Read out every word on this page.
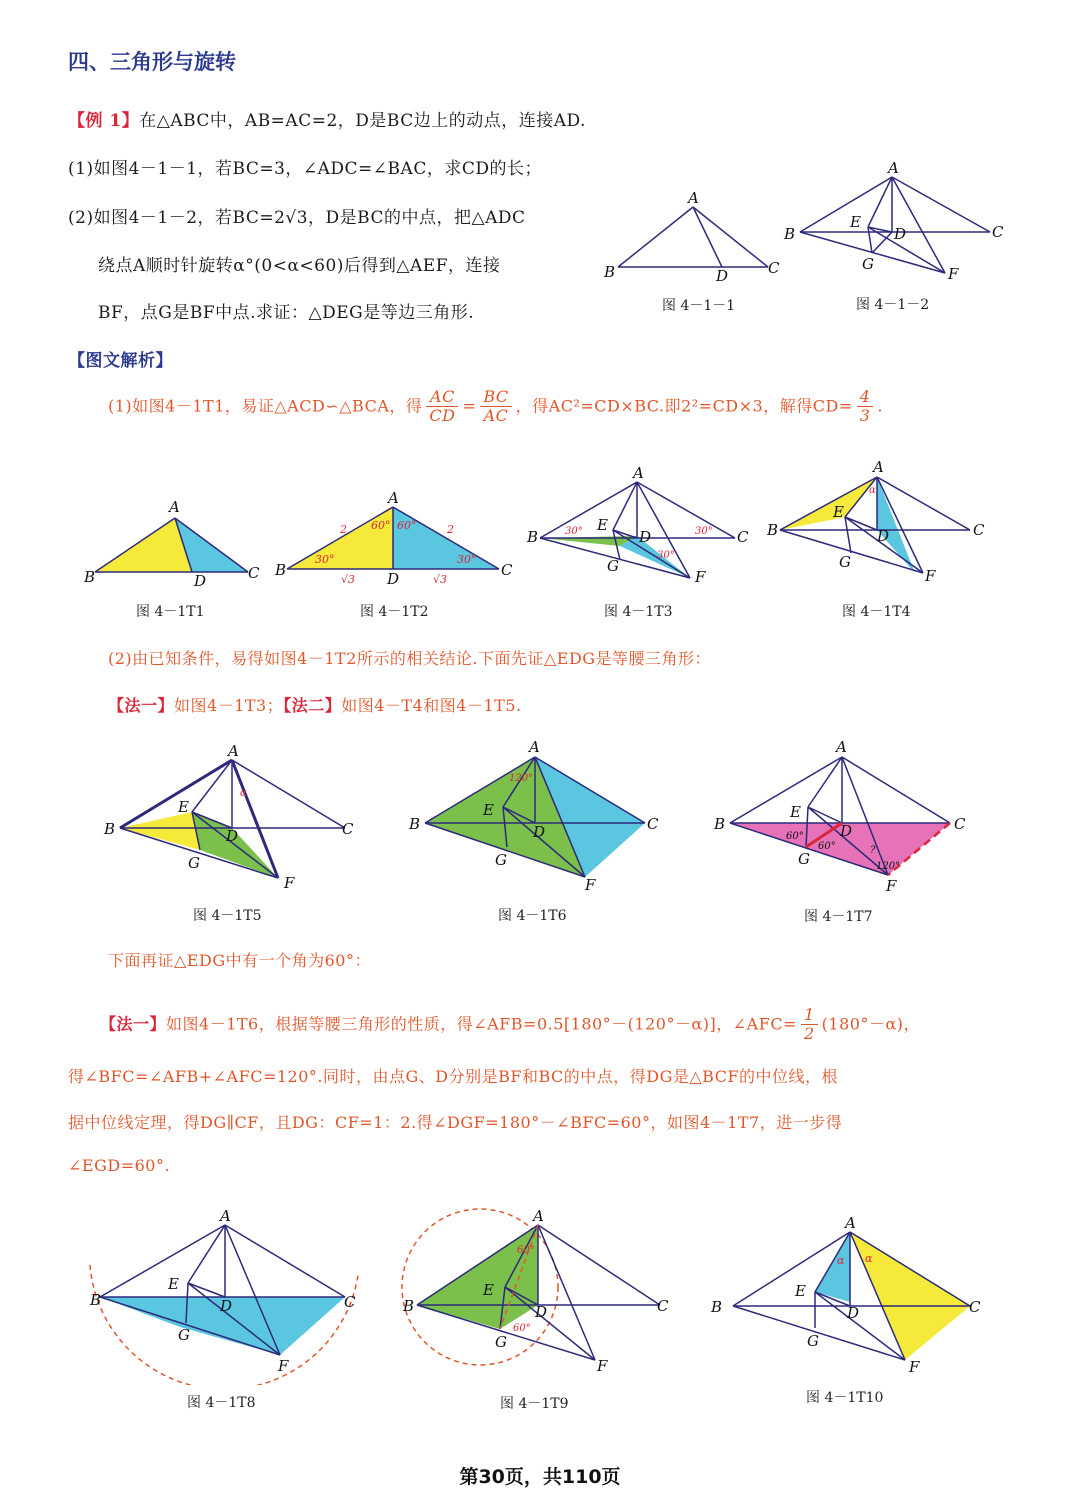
四、三角形与旋转
【例 1】在△ABC中，AB=AC=2，D是BC边上的动点，连接AD.
(1)如图4－1－1，若BC=3，∠ADC=∠BAC，求CD的长；
(2)如图4－1－2，若BC=2√3，D是BC的中点，把△ADC
绕点A顺时针旋转α°(0<α<60)后得到△AEF，连接
BF，点G是BF中点.求证：△DEG是等边三角形.
A
B	D	C
图 4－1－1
A
B
E
D	C
G
F
图 4－1－2
【图文解析】
(1)如图4－1T1，易证△ACD∽△BCA，得 $\frac{AC}{CD} = \frac{BC}{AC}$ ，得AC²=CD×BC.即2²=CD×3，解得$CD= \frac{4}{3}$ .
A
B	D	C
图 4－1T1
A
B	D	C
2	2
60° 60°
30°	30°
√3	√3
图 4－1T2
A
B
E
D	C
G
F
30°	30°
30°
图 4－1T3
A
B
E
D	C
G
F
α
图 4－1T4
(2)由已知条件，易得如图4－1T2所示的相关结论.下面先证△EDG是等腰三角形：
【法一】如图4－1T3；【法二】如图4－T4和图4－1T5.
A
B
E
D	C
G
F
α
图 4－1T5
A
B
E
D	C
G
F
120°
图 4－1T6
A
B
E
D	C
G
F
60°
60°
120°
?
图 4－1T7
下面再证△EDG中有一个角为60°：
【法一】如图4－1T6，根据等腰三角形的性质，得∠AFB=0.5[180°－(120°－α)]，∠AFC= $\frac{1}{2} (180^\circ-\alpha)$，
得∠BFC=∠AFB+∠AFC=120°.同时，由点G、D分别是BF和BC的中点，得DG是△BCF的中位线，根
据中位线定理，得DG∥CF，且DG：CF=1：2.得∠DGF=180°－∠BFC=60°，如图4－1T7，进一步得
∠EGD=60°.
A
B
E
D	C
G
F
图 4－1T8
A
B
E
D	C
G
F
60°
60°
图 4－1T9
A
B
E
D	C
G
F
α α
图 4－1T10
第30页，共110页
